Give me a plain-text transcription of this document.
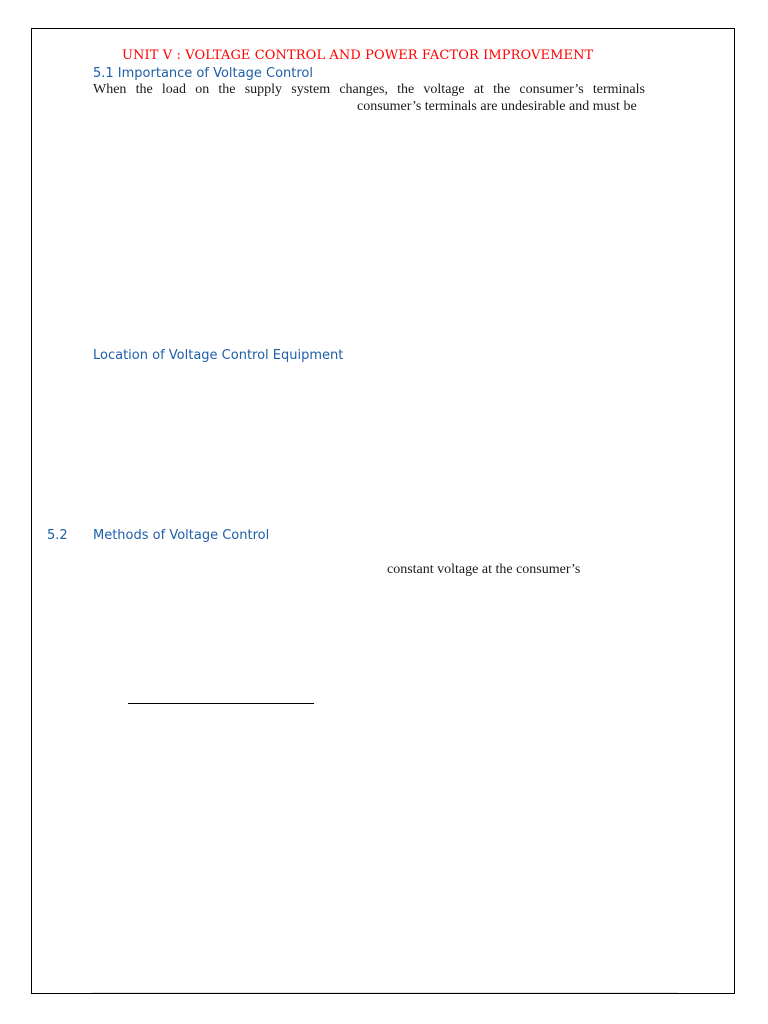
UNIT V : VOLTAGE CONTROL AND POWER FACTOR IMPROVEMENT
5.1 Importance of Voltage Control

When the load on the supply system changes, the voltage at the consumer’s terminals

consumer’s terminals are undesirable and must be

Location of Voltage Control Equipment
5.2 Methods of Voltage Control

constant voltage at the consumer’s
